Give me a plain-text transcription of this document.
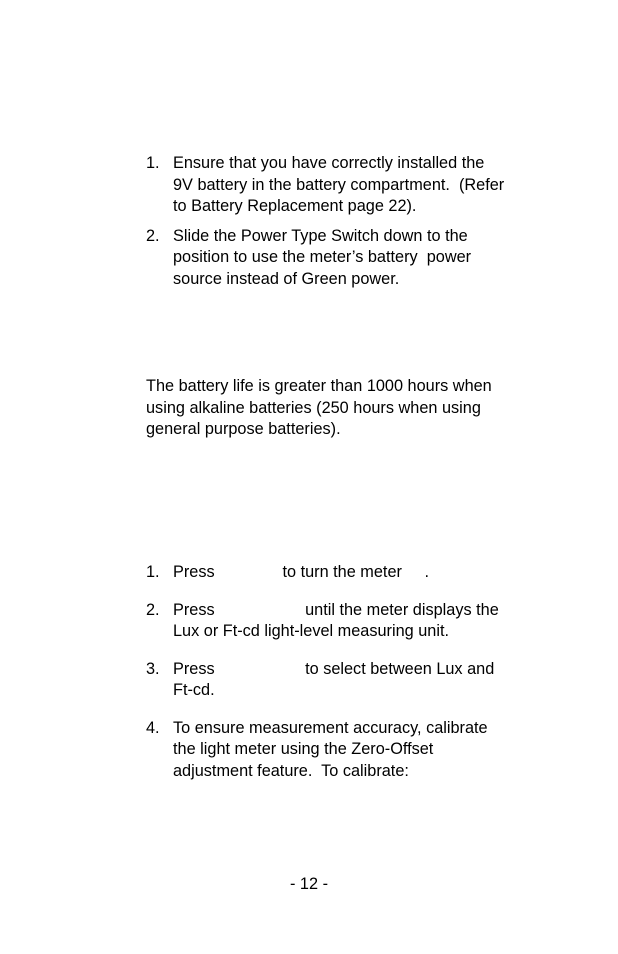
1. Ensure that you have correctly installed the 9V battery in the battery compartment.  (Refer to Battery Replacement page 22).
2. Slide the Power Type Switch down to the     position to use the meter’s battery  power source instead of Green power.

The battery life is greater than 1000 hours when using alkaline batteries (250 hours when using general purpose batteries).

1. Press               to turn the meter     .
2. Press                    until the meter displays the Lux or Ft-cd light-level measuring unit.
3. Press                    to select between Lux and Ft-cd.
4. To ensure measurement accuracy, calibrate the light meter using the Zero-Offset adjustment feature.  To calibrate:
- 12 -
